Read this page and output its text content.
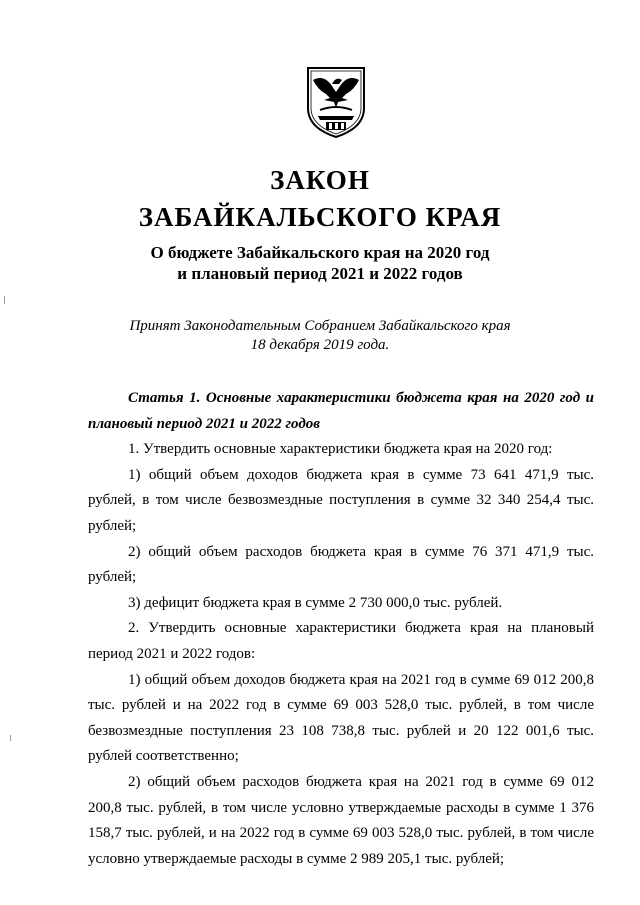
ЗАКОН
ЗАБАЙКАЛЬСКОГО КРАЯ
О бюджете Забайкальского края на 2020 год
и плановый период 2021 и 2022 годов
Принят Законодательным Собранием Забайкальского края
18 декабря 2019 года.

Статья 1. Основные характеристики бюджета края на 2020 год и плановый период 2021 и 2022 годов

1. Утвердить основные характеристики бюджета края на 2020 год:

1) общий объем доходов бюджета края в сумме 73 641 471,9 тыс. рублей, в том числе безвозмездные поступления в сумме 32 340 254,4 тыс. рублей;

2) общий объем расходов бюджета края в сумме 76 371 471,9 тыс. рублей;

3) дефицит бюджета края в сумме 2 730 000,0 тыс. рублей.

2. Утвердить основные характеристики бюджета края на плановый период 2021 и 2022 годов:

1) общий объем доходов бюджета края на 2021 год в сумме 69 012 200,8 тыс. рублей и на 2022 год в сумме 69 003 528,0 тыс. рублей, в том числе безвозмездные поступления 23 108 738,8 тыс. рублей и 20 122 001,6 тыс. рублей соответственно;

2) общий объем расходов бюджета края на 2021 год в сумме 69 012 200,8 тыс. рублей, в том числе условно утверждаемые расходы в сумме 1 376 158,7 тыс. рублей, и на 2022 год в сумме 69 003 528,0 тыс. рублей, в том числе условно утверждаемые расходы в сумме 2 989 205,1 тыс. рублей;
